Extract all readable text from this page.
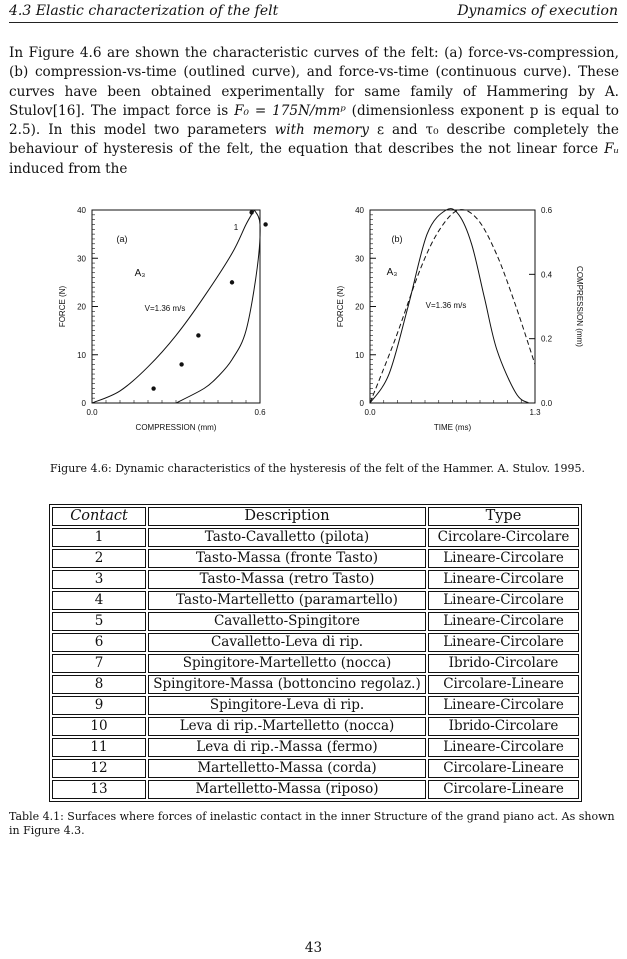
4.3 Elastic characterization of the felt	Dynamics of execution
In Figure 4.6 are shown the characteristic curves of the felt: (a) force-vs-compression, (b) compression-vs-time (outlined curve), and force-vs-time (continuous curve). These curves have been obtained experimentally for same family of Hammering by A. Stulov[16]. The impact force is F₀ = 175N/mmᵖ (dimensionless exponent p is equal to 2.5). In this model two parameters with memory ε and τ₀ describe completely the behaviour of hysteresis of the felt, the equation that describes the not linear force Fᵤ induced from the
0
10
20
30
40
0.0	0.6
COMPRESSION (mm)
FORCE (N)
(a)
A₃
V=1.36 m/s
1
0
10
20
30
40
0.0	1.3
TIME (ms)
FORCE (N)
0.0
0.2
0.4
0.6
COMPRESSION (mm)
(b)
A₃
V=1.36 m/s
Figure 4.6: Dynamic characteristics of the hysteresis of the felt of the Hammer. A. Stulov. 1995.
Contact	Description	Type
1	Tasto-Cavalletto (pilota)	Circolare-Circolare
2	Tasto-Massa (fronte Tasto)	Lineare-Circolare
3	Tasto-Massa (retro Tasto)	Lineare-Circolare
4	Tasto-Martelletto (paramartello)	Lineare-Circolare
5	Cavalletto-Spingitore	Lineare-Circolare
6	Cavalletto-Leva di rip.	Lineare-Circolare
7	Spingitore-Martelletto (nocca)	Ibrido-Circolare
8	Spingitore-Massa (bottoncino regolaz.)	Circolare-Lineare
9	Spingitore-Leva di rip.	Lineare-Circolare
10	Leva di rip.-Martelletto (nocca)	Ibrido-Circolare
11	Leva di rip.-Massa (fermo)	Lineare-Circolare
12	Martelletto-Massa (corda)	Circolare-Lineare
13	Martelletto-Massa (riposo)	Circolare-Lineare
Table 4.1: Surfaces where forces of inelastic contact in the inner Structure of the grand piano act. As shown in Figure 4.3.
43
